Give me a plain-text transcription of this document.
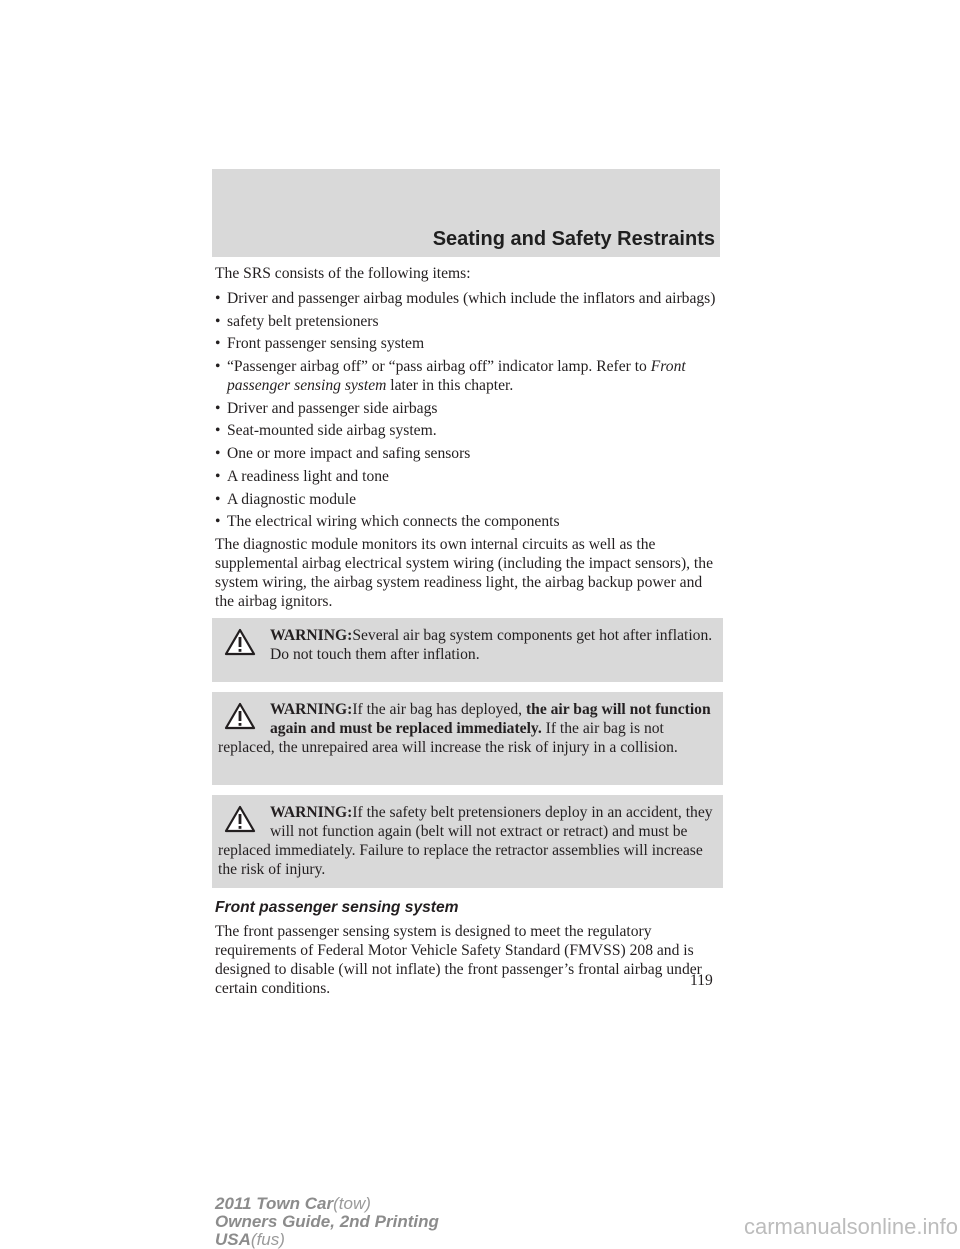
Seating and Safety Restraints

The SRS consists of the following items:

• Driver and passenger airbag modules (which include the inflators and airbags)
• safety belt pretensioners
• Front passenger sensing system
• “Passenger airbag off” or “pass airbag off” indicator lamp. Refer to Front passenger sensing system later in this chapter.
• Driver and passenger side airbags
• Seat-mounted side airbag system.
• One or more impact and safing sensors
• A readiness light and tone
• A diagnostic module
• The electrical wiring which connects the components

The diagnostic module monitors its own internal circuits as well as the supplemental airbag electrical system wiring (including the impact sensors), the system wiring, the airbag system readiness light, the airbag backup power and the airbag ignitors.

WARNING:Several air bag system components get hot after inflation. Do not touch them after inflation.
WARNING:If the air bag has deployed, the air bag will not function again and must be replaced immediately. If the air bag is not replaced, the unrepaired area will increase the risk of injury in a collision.
WARNING:If the safety belt pretensioners deploy in an accident, they will not function again (belt will not extract or retract) and must be replaced immediately. Failure to replace the retractor assemblies will increase the risk of injury.
Front passenger sensing system

The front passenger sensing system is designed to meet the regulatory requirements of Federal Motor Vehicle Safety Standard (FMVSS) 208 and is designed to disable (will not inflate) the front passenger’s frontal airbag under certain conditions.	119
2011 Town Car(tow)
Owners Guide, 2nd Printing
USA(fus)
carmanualsonline.info
